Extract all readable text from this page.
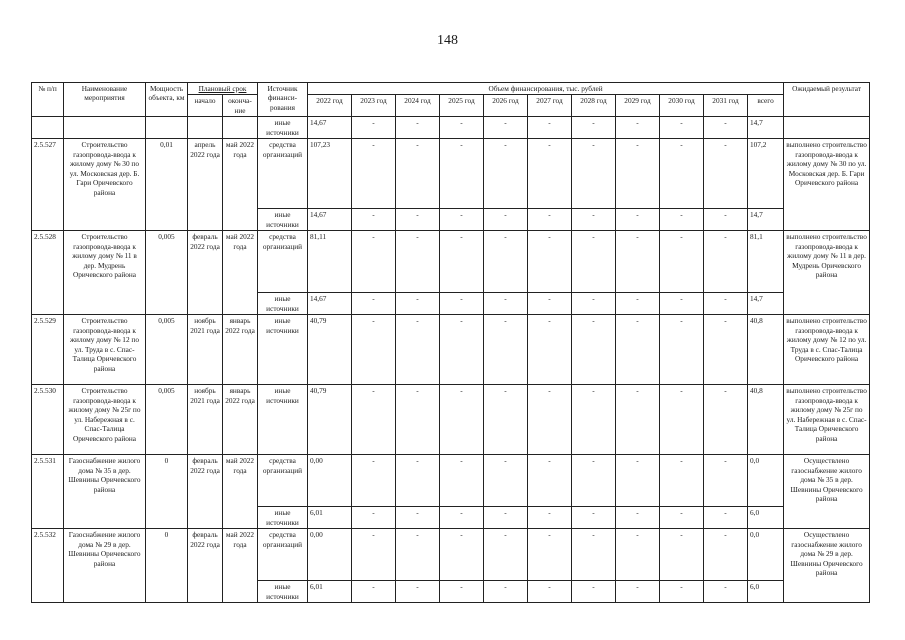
148
№ п/п	Наименование мероприятия	Мощность объекта, км	Плановый срок		Источник финанси- рования	Объем финансирования, тыс. рублей											Ожидаемый результат
			начало	оконча- ние		2022 год	2023 год	2024 год	2025 год	2026 год	2027 год	2028 год	2029 год	2030 год	2031 год	всего	
					иные источники	14,67	-	-	-	-	-	-	-	-	-	14,7	
2.5.527	Строительство газопровода-ввода к жилому дому № 30 по ул. Московская дер. Б. Гари Оричевского района	0,01	апрель 2022 года	май 2022 года	средства организаций	107,23	-	-	-	-	-	-	-	-	-	107,2	выполнено строительство газопровода-ввода к жилому дому № 30 по ул. Московская дер. Б. Гари Оричевского района
					иные источники	14,67	-	-	-	-	-	-	-	-	-	14,7	
2.5.528	Строительство газопровода-ввода к жилому дому № 11 в дер. Мудрень Оричевского района	0,005	февраль 2022 года	май 2022 года	средства организаций	81,11	-	-	-	-	-	-	-	-	-	81,1	выполнено строительство газопровода-ввода к жилому дому № 11 в дер. Мудрень Оричевского района
					иные источники	14,67	-	-	-	-	-	-	-	-	-	14,7	
2.5.529	Строительство газопровода-ввода к жилому дому № 12 по ул. Труда в с. Спас-Талица Оричевского района	0,005	ноябрь 2021 года	январь 2022 года	иные источники	40,79	-	-	-	-	-	-	-	-	-	40,8	выполнено строительство газопровода-ввода к жилому дому № 12 по ул. Труда в с. Спас-Талица Оричевского района
2.5.530	Строительство газопровода-ввода к жилому дому № 25г по ул. Набережная в с. Спас-Талица Оричевского района	0,005	ноябрь 2021 года	январь 2022 года	иные источники	40,79	-	-	-	-	-	-	-	-	-	40,8	выполнено строительство газопровода-ввода к жилому дому № 25г по ул. Набережная в с. Спас-Талица Оричевского района
2.5.531	Газоснабжение жилого дома № 35 в дер. Шевнины Оричевского района	0	февраль 2022 года	май 2022 года	средства организаций	0,00	-	-	-	-	-	-	-	-	-	0,0	Осуществлено газоснабжение жилого дома № 35 в дер. Шевнины Оричевского района
					иные источники	6,01	-	-	-	-	-	-	-	-	-	6,0	
2.5.532	Газоснабжение жилого дома № 29 в дер. Шевнины Оричевского района	0	февраль 2022 года	май 2022 года	средства организаций	0,00	-	-	-	-	-	-	-	-	-	0,0	Осуществлено газоснабжение жилого дома № 29 в дер. Шевнины Оричевского района
					иные источники	6,01	-	-	-	-	-	-	-	-	-	6,0	
